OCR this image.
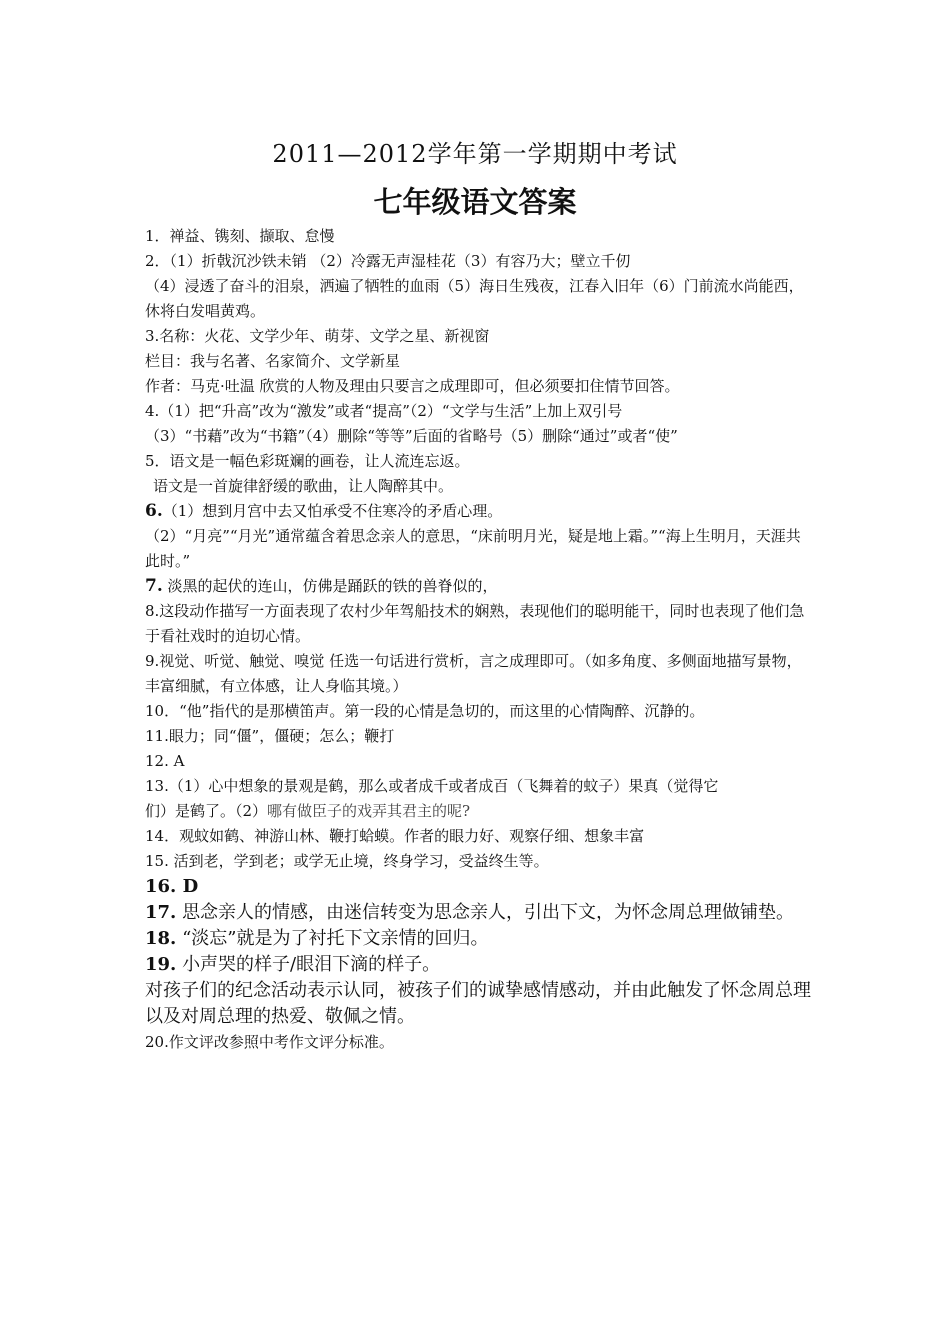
2011—2012学年第一学期期中考试
七年级语文答案
1．禅益、镌刻、撷取、怠慢
2．（1）折戟沉沙铁未销 （2）冷露无声湿桂花（3）有容乃大；壁立千仞
（4）浸透了奋斗的泪泉，洒遍了牺牲的血雨（5）海日生残夜，江春入旧年（6）门前流水尚能西，休将白发唱黄鸡。
3.名称：火花、文学少年、萌芽、文学之星、新视窗
栏目：我与名著、名家简介、文学新星
作者：马克·吐温 欣赏的人物及理由只要言之成理即可，但必须要扣住情节回答。
4.（1）把“升高”改为“激发”或者“提高”（2）“文学与生活”上加上双引号
（3）“书藉”改为“书籍”（4）删除“等等”后面的省略号（5）删除“通过”或者“使”
5．语文是一幅色彩斑斓的画卷，让人流连忘返。
语文是一首旋律舒缓的歌曲，让人陶醉其中。
6.（1）想到月宫中去又怕承受不住寒冷的矛盾心理。
（2）“月亮”“月光”通常蕴含着思念亲人的意思，“床前明月光，疑是地上霜。”“海上生明月，天涯共此时。”
7. 淡黑的起伏的连山，仿佛是踊跃的铁的兽脊似的，
8.这段动作描写一方面表现了农村少年驾船技术的娴熟，表现他们的聪明能干，同时也表现了他们急于看社戏时的迫切心情。
9.视觉、听觉、触觉、嗅觉 任选一句话进行赏析，言之成理即可。（如多角度、多侧面地描写景物，丰富细腻，有立体感，让人身临其境。）
10．“他”指代的是那横笛声。第一段的心情是急切的，而这里的心情陶醉、沉静的。
11.眼力；同“僵”，僵硬；怎么；鞭打
12. A
13.（1）心中想象的景观是鹤，那么或者成千或者成百（飞舞着的蚊子）果真（觉得它
们）是鹤了。（2）哪有做臣子的戏弄其君主的呢?
14．观蚊如鹤、神游山林、鞭打蛤蟆。作者的眼力好、观察仔细、想象丰富
15. 活到老，学到老；或学无止境，终身学习，受益终生等。
16. D
17. 思念亲人的情感，由迷信转变为思念亲人，引出下文，为怀念周总理做铺垫。
18. “淡忘”就是为了衬托下文亲情的回归。
19. 小声哭的样子/眼泪下滴的样子。
对孩子们的纪念活动表示认同，被孩子们的诚挚感情感动，并由此触发了怀念周总理以及对周总理的热爱、敬佩之情。
20.作文评改参照中考作文评分标准。
